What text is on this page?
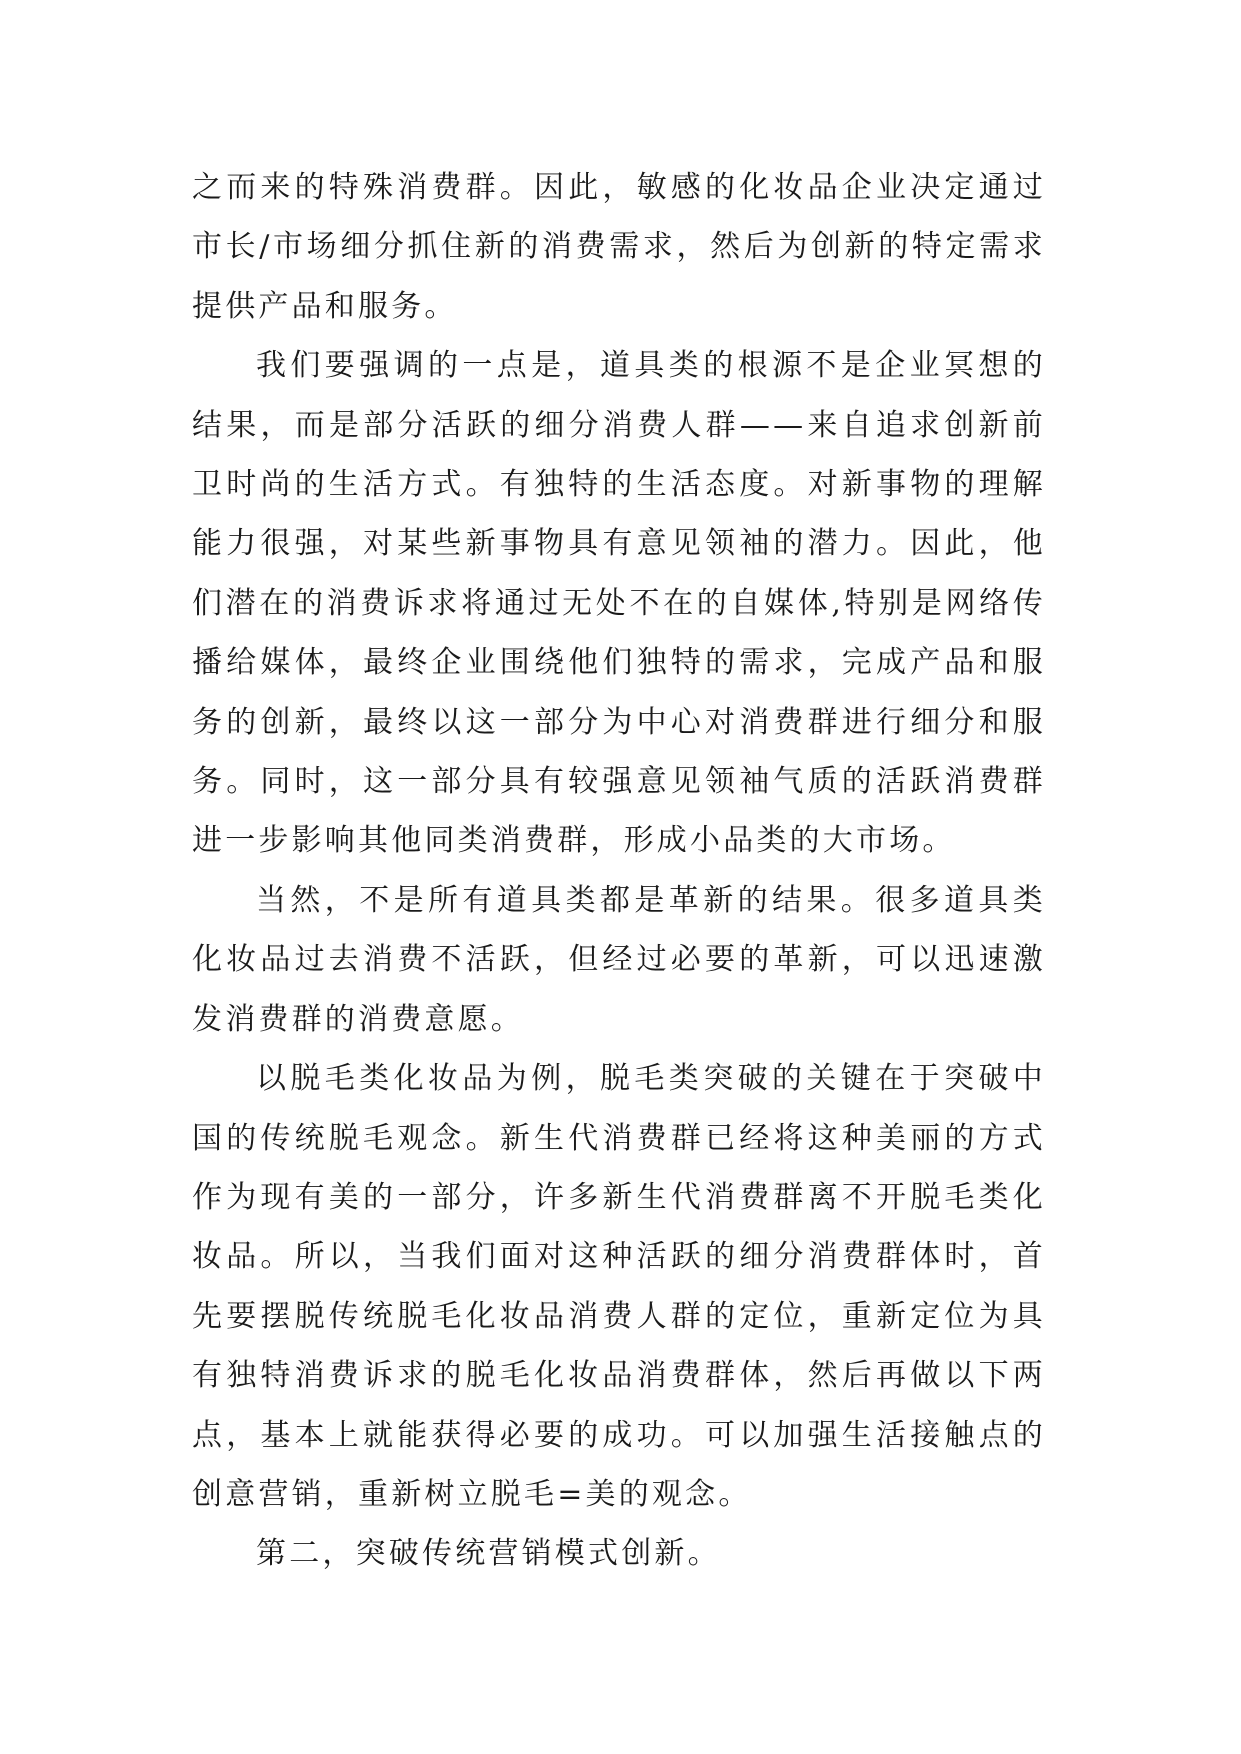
之而来的特殊消费群。因此，敏感的化妆品企业决定通过市长/市场细分抓住新的消费需求，然后为创新的特定需求提供产品和服务。

我们要强调的一点是，道具类的根源不是企业冥想的结果，而是部分活跃的细分消费人群——来自追求创新前卫时尚的生活方式。有独特的生活态度。对新事物的理解能力很强，对某些新事物具有意见领袖的潜力。因此，他们潜在的消费诉求将通过无处不在的自媒体,特别是网络传播给媒体，最终企业围绕他们独特的需求，完成产品和服务的创新，最终以这一部分为中心对消费群进行细分和服务。同时，这一部分具有较强意见领袖气质的活跃消费群进一步影响其他同类消费群，形成小品类的大市场。

当然，不是所有道具类都是革新的结果。很多道具类化妆品过去消费不活跃，但经过必要的革新，可以迅速激发消费群的消费意愿。

以脱毛类化妆品为例，脱毛类突破的关键在于突破中国的传统脱毛观念。新生代消费群已经将这种美丽的方式作为现有美的一部分，许多新生代消费群离不开脱毛类化妆品。所以，当我们面对这种活跃的细分消费群体时，首先要摆脱传统脱毛化妆品消费人群的定位，重新定位为具有独特消费诉求的脱毛化妆品消费群体，然后再做以下两点，基本上就能获得必要的成功。可以加强生活接触点的创意营销，重新树立脱毛=美的观念。

第二，突破传统营销模式创新。
